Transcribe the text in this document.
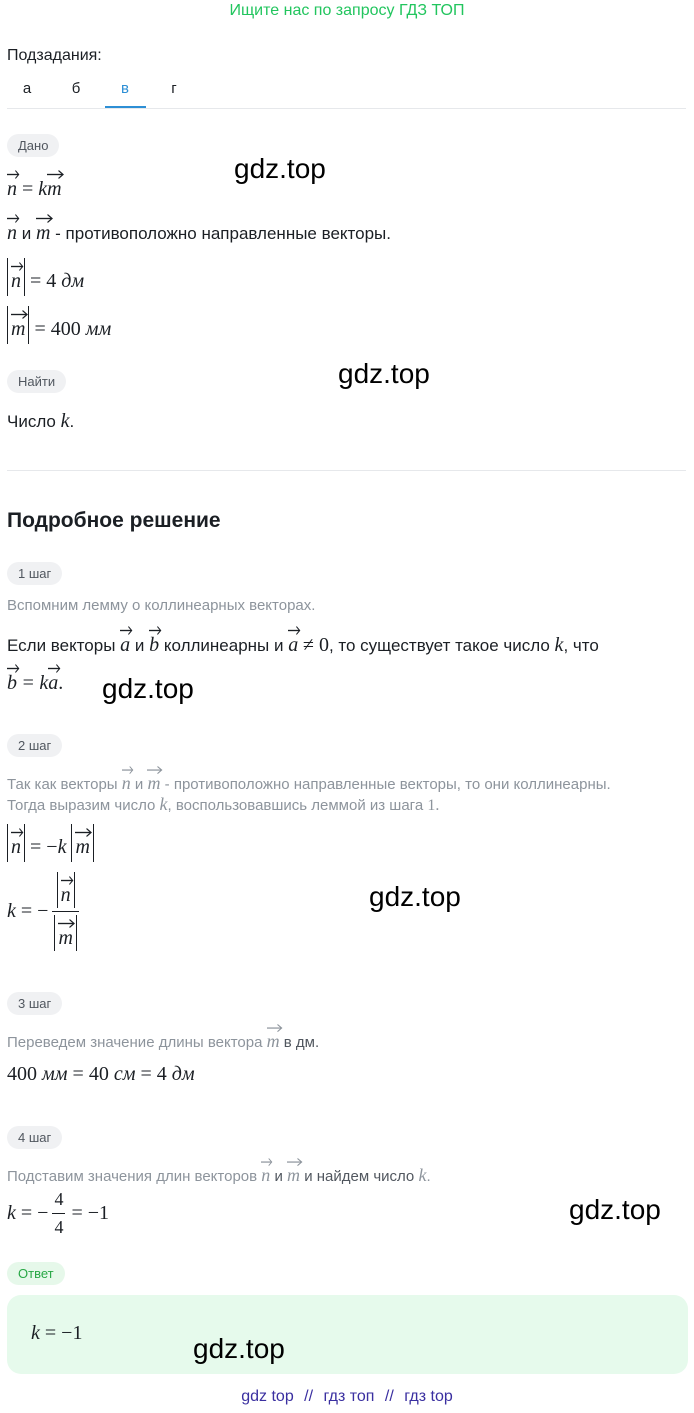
Ищите нас по запросу ГДЗ ТОП
Подзадания:
а	б	в	г
Дано
n = k
m
n и m - противоположно направленные векторы.
n = 4 дм
m = 400 мм
Найти
Число k.
Подробное решение
1 шаг
Вспомним лемму о коллинеарных векторах.
Если векторы a и b коллинеарны и a ≠ 0, то существует такое число k, что
b = k
a.
2 шаг
Так как векторы n и m - противоположно направленные векторы, то они коллинеарны.
Тогда выразим число k, воспользовавшись леммой из шага 1.
n = −k m
k
= − $\frac{n}{m}$
3 шаг
Переведем значение длины вектора m в дм.
400 мм = 40 см = 4 дм
4 шаг
Подставим значения длин векторов n и m и найдем число k.
k
= − $\frac{4}{4} = -1$
Ответ
k = −1
gdz.top
gdz.top
gdz.top
gdz.top
gdz.top
gdz.top
gdz top // гдз топ // гдз top
